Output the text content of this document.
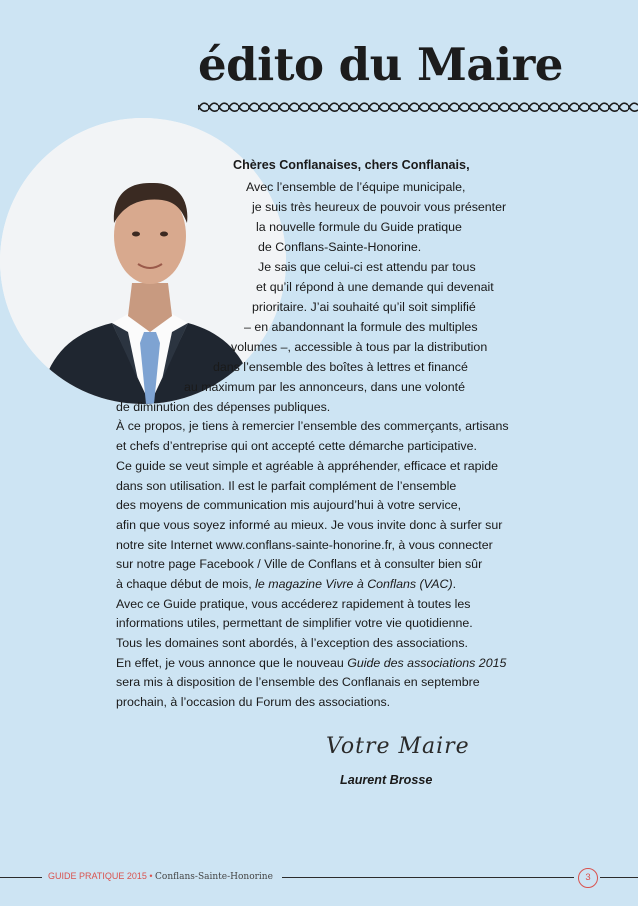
édito du Maire
Chères Conflanaises, chers Conflanais,
Avec l’ensemble de l’équipe municipale,
je suis très heureux de pouvoir vous présenter
la nouvelle formule du Guide pratique
de Conflans-Sainte-Honorine.
Je sais que celui-ci est attendu par tous
et qu’il répond à une demande qui devenait
prioritaire. J’ai souhaité qu’il soit simplifié
– en abandonnant la formule des multiples
volumes –, accessible à tous par la distribution
dans l’ensemble des boîtes à lettres et financé
au maximum par les annonceurs, dans une volonté
de diminution des dépenses publiques.
À ce propos, je tiens à remercier l’ensemble des commerçants, artisans
et chefs d’entreprise qui ont accepté cette démarche participative.
Ce guide se veut simple et agréable à appréhender, efficace et rapide
dans son utilisation. Il est le parfait complément de l’ensemble
des moyens de communication mis aujourd’hui à votre service,
afin que vous soyez informé au mieux. Je vous invite donc à surfer sur
notre site Internet www.conflans-sainte-honorine.fr, à vous connecter
sur notre page Facebook / Ville de Conflans et à consulter bien sûr
à chaque début de mois, le magazine Vivre à Conflans (VAC).
Avec ce Guide pratique, vous accéderez rapidement à toutes les
informations utiles, permettant de simplifier votre vie quotidienne.
Tous les domaines sont abordés, à l’exception des associations.
En effet, je vous annonce que le nouveau Guide des associations 2015
sera mis à disposition de l’ensemble des Conflanais en septembre
prochain, à l’occasion du Forum des associations.
Votre Maire
Laurent Brosse
GUIDE PRATIQUE 2015 • Conflans-Sainte-Honorine	3
